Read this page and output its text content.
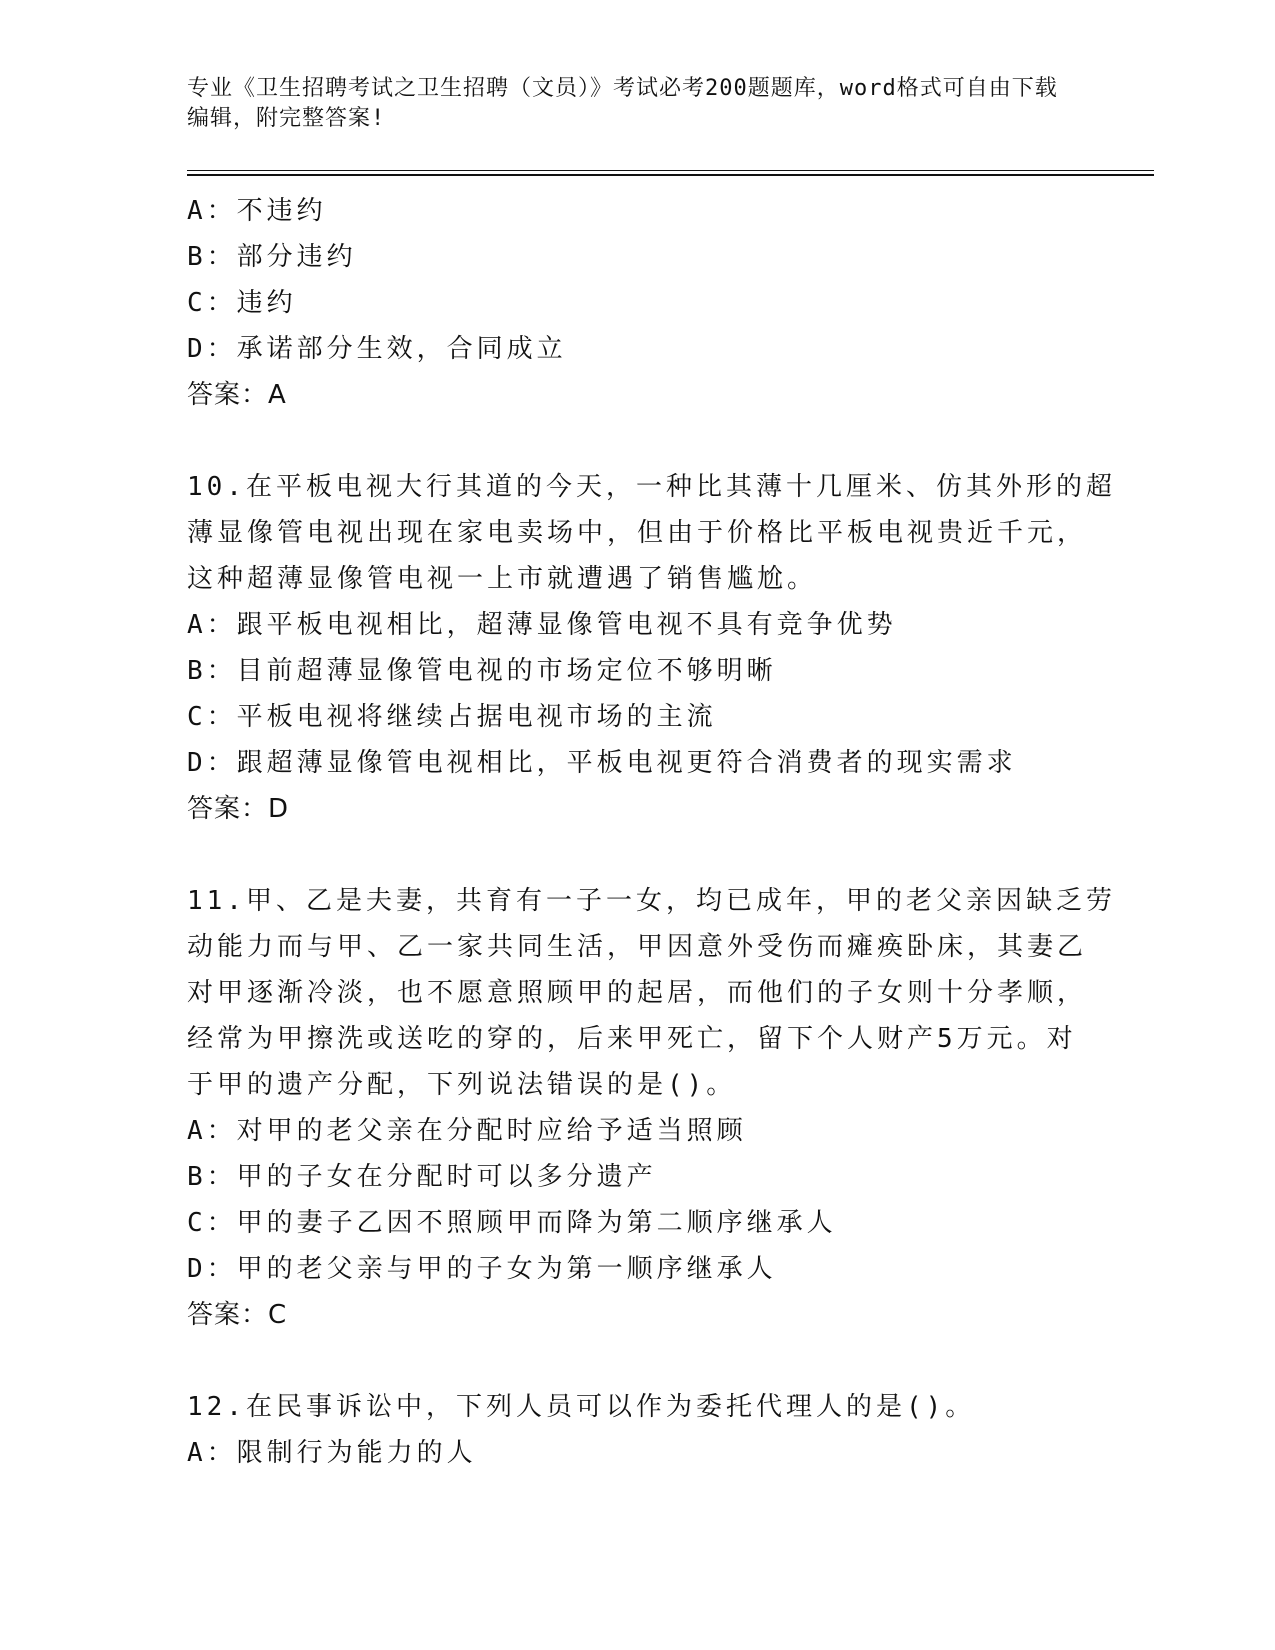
专业《卫生招聘考试之卫生招聘（文员）》考试必考200题题库，word格式可自由下载编辑，附完整答案!
A：不违约
B：部分违约
C：违约
D：承诺部分生效，合同成立
答案：A
10.在平板电视大行其道的今天，一种比其薄十几厘米、仿其外形的超
薄显像管电视出现在家电卖场中，但由于价格比平板电视贵近千元，
这种超薄显像管电视一上市就遭遇了销售尴尬。
A：跟平板电视相比，超薄显像管电视不具有竞争优势
B：目前超薄显像管电视的市场定位不够明晰
C：平板电视将继续占据电视市场的主流
D：跟超薄显像管电视相比，平板电视更符合消费者的现实需求
答案：D
11.甲、乙是夫妻，共育有一子一女，均已成年，甲的老父亲因缺乏劳
动能力而与甲、乙一家共同生活，甲因意外受伤而瘫痪卧床，其妻乙
对甲逐渐冷淡，也不愿意照顾甲的起居，而他们的子女则十分孝顺，
经常为甲擦洗或送吃的穿的，后来甲死亡，留下个人财产5万元。对
于甲的遗产分配，下列说法错误的是()。
A：对甲的老父亲在分配时应给予适当照顾
B：甲的子女在分配时可以多分遗产
C：甲的妻子乙因不照顾甲而降为第二顺序继承人
D：甲的老父亲与甲的子女为第一顺序继承人
答案：C
12.在民事诉讼中，下列人员可以作为委托代理人的是()。
A：限制行为能力的人
